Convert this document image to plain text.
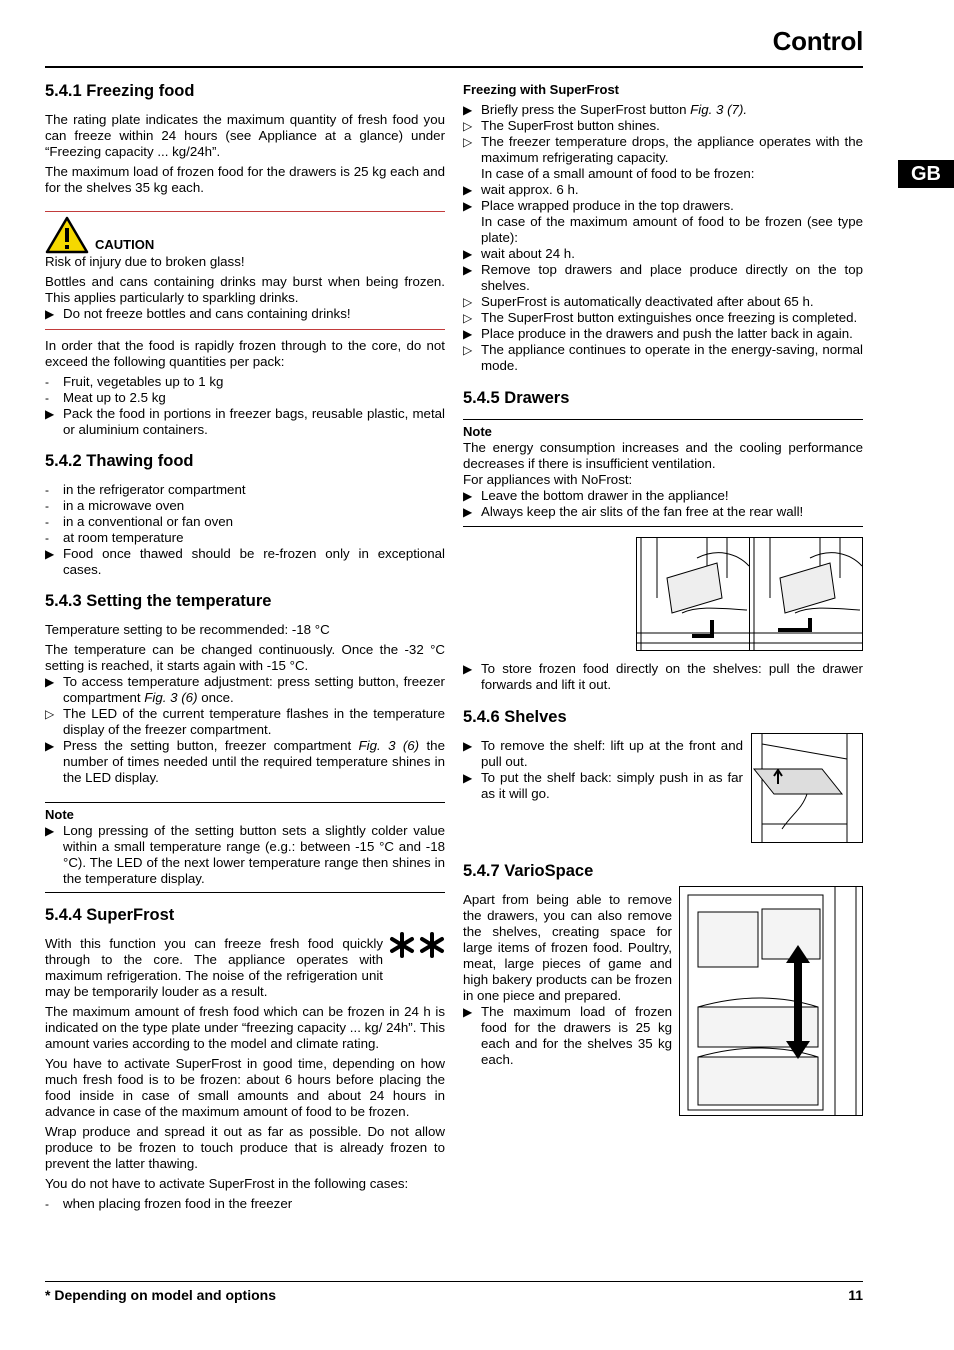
Control
GB
5.4.1 Freezing food

The rating plate indicates the maximum quantity of fresh food you can freeze within 24 hours (see Appliance at a glance) under “Freezing capacity ... kg/24h”.

The maximum load of frozen food for the drawers is 25 kg each and for the shelves 35 kg each.

CAUTION

Risk of injury due to broken glass!

Bottles and cans containing drinks may burst when being frozen. This applies particularly to sparkling drinks.

▶ Do not freeze bottles and cans containing drinks!

In order that the food is rapidly frozen through to the core, do not exceed the following quantities per pack:

-	Fruit, vegetables up to 1 kg
-	Meat up to 2.5 kg
▶ Pack the food in portions in freezer bags, reusable plastic, metal or aluminium containers.
5.4.2 Thawing food
-	in the refrigerator compartment
-	in a microwave oven
-	in a conventional or fan oven
-	at room temperature
▶ Food once thawed should be re-frozen only in exceptional cases.
5.4.3 Setting the temperature

Temperature setting to be recommended: -18 °C

The temperature can be changed continuously. Once the -32 °C setting is reached, it starts again with -15 °C.

▶ To access temperature adjustment: press setting button, freezer compartment Fig. 3 (6) once.
▷ The LED of the current temperature flashes in the temperature display of the freezer compartment.
▶ Press the setting button, freezer compartment Fig. 3 (6) the number of times needed until the required temperature shines in the LED display.
Note
▶ Long pressing of the setting button sets a slightly colder value within a small temperature range (e.g.: between -15 °C and -18 °C). The LED of the next lower temperature range then shines in the temperature display.
5.4.4 SuperFrost

With this function you can freeze fresh food quickly through to the core. The appliance operates with maximum refrigeration. The noise of the refrigeration unit may be temporarily louder as a result.

The maximum amount of fresh food which can be frozen in 24 h is indicated on the type plate under “freezing capacity ... kg/ 24h”. This amount varies according to the model and climate rating.

You have to activate SuperFrost in good time, depending on how much fresh food is to be frozen: about 6 hours before placing the food inside in case of small amounts and about 24 hours in advance in case of the maximum amount of food to be frozen.

Wrap produce and spread it out as far as possible. Do not allow produce to be frozen to touch produce that is already frozen to prevent the latter thawing.

You do not have to activate SuperFrost in the following cases:

-	when placing frozen food in the freezer
Freezing with SuperFrost
▶ Briefly press the SuperFrost button Fig. 3 (7).
▷ The SuperFrost button shines.
▷ The freezer temperature drops, the appliance operates with the maximum refrigerating capacity.
In case of a small amount of food to be frozen:
▶ wait approx. 6 h.
▶ Place wrapped produce in the top drawers.
In case of the maximum amount of food to be frozen (see type plate):
▶ wait about 24 h.
▶ Remove top drawers and place produce directly on the top shelves.
▷ SuperFrost is automatically deactivated after about 65 h.
▷ The SuperFrost button extinguishes once freezing is completed.
▶ Place produce in the drawers and push the latter back in again.
▷ The appliance continues to operate in the energy-saving, normal mode.
5.4.5 Drawers
Note

The energy consumption increases and the cooling performance decreases if there is insufficient ventilation.

For appliances with NoFrost:

▶ Leave the bottom drawer in the appliance!
▶ Always keep the air slits of the fan free at the rear wall!
▶ To store frozen food directly on the shelves: pull the drawer forwards and lift it out.
5.4.6 Shelves
▶ To remove the shelf: lift up at the front and pull out.
▶ To put the shelf back: simply push in as far as it will go.
5.4.7 VarioSpace

Apart from being able to remove the drawers, you can also remove the shelves, creating space for large items of frozen food. Poultry, meat, large pieces of game and high bakery products can be frozen in one piece and prepared.

▶ The maximum load of frozen food for the drawers is 25 kg each and for the shelves 35 kg each.
* Depending on model and options	11
